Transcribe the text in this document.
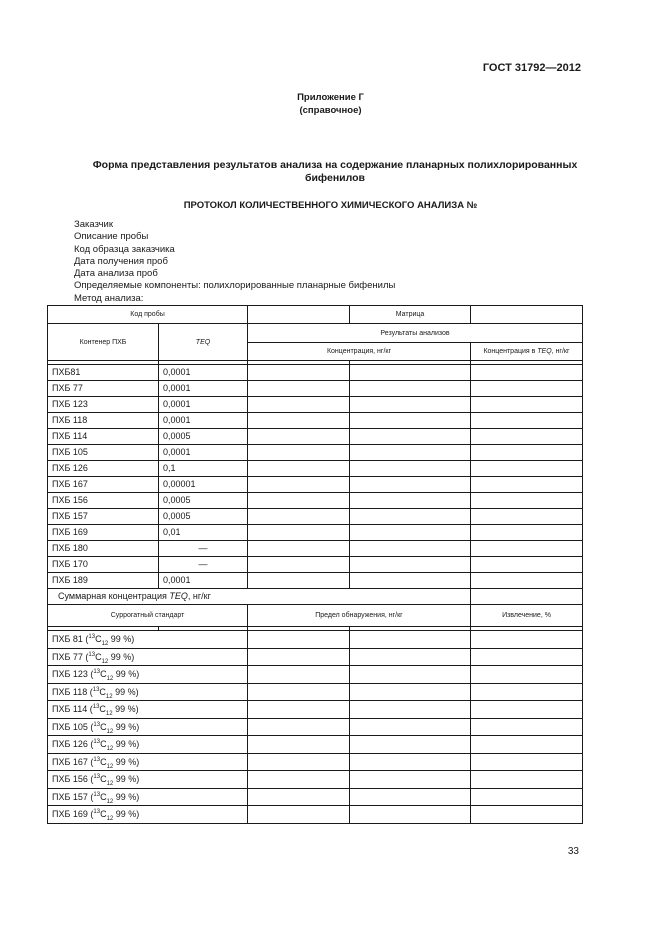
ГОСТ 31792—2012
Приложение Г
(справочное)
Форма представления результатов анализа на содержание планарных полихлорированных бифенилов
ПРОТОКОЛ КОЛИЧЕСТВЕННОГО ХИМИЧЕСКОГО АНАЛИЗА №
Заказчик
Описание пробы
Код образца заказчика
Дата получения проб
Дата анализа проб
Определяемые компоненты: полихлорированные планарные бифенилы
Метод анализа:
Код пробы			Матрица	
Контенер ПХБ	TEQ	Результаты анализов		
		Концентрация, нг/кг		Концентрация в TEQ, нг/кг

ПХБ81	0,0001			
ПХБ 77	0,0001			
ПХБ 123	0,0001			
ПХБ 118	0,0001			
ПХБ 114	0,0005			
ПХБ 105	0,0001			
ПХБ 126	0,1			
ПХБ 167	0,00001			
ПХБ 156	0,0005			
ПХБ 157	0,0005			
ПХБ 169	0,01			
ПХБ 180	—			
ПХБ 170	—			
ПХБ 189	0,0001			
Суммарная концентрация TEQ, нг/кг				
Суррогатный стандарт		Предел обнаружения, нг/кг		Извлечение, %

ПХБ 81 ($^{13}C_{12}$ 99 %)				
ПХБ 77 ($^{13}C_{12}$ 99 %)				
ПХБ 123 ($^{13}C_{12}$ 99 %)				
ПХБ 118 ($^{13}C_{12}$ 99 %)				
ПХБ 114 ($^{13}C_{12}$ 99 %)				
ПХБ 105 ($^{13}C_{12}$ 99 %)				
ПХБ 126 ($^{13}C_{12}$ 99 %)				
ПХБ 167 ($^{13}C_{12}$ 99 %)				
ПХБ 156 ($^{13}C_{12}$ 99 %)				
ПХБ 157 ($^{13}C_{12}$ 99 %)				
ПХБ 169 ($^{13}C_{12}$ 99 %)				
33
